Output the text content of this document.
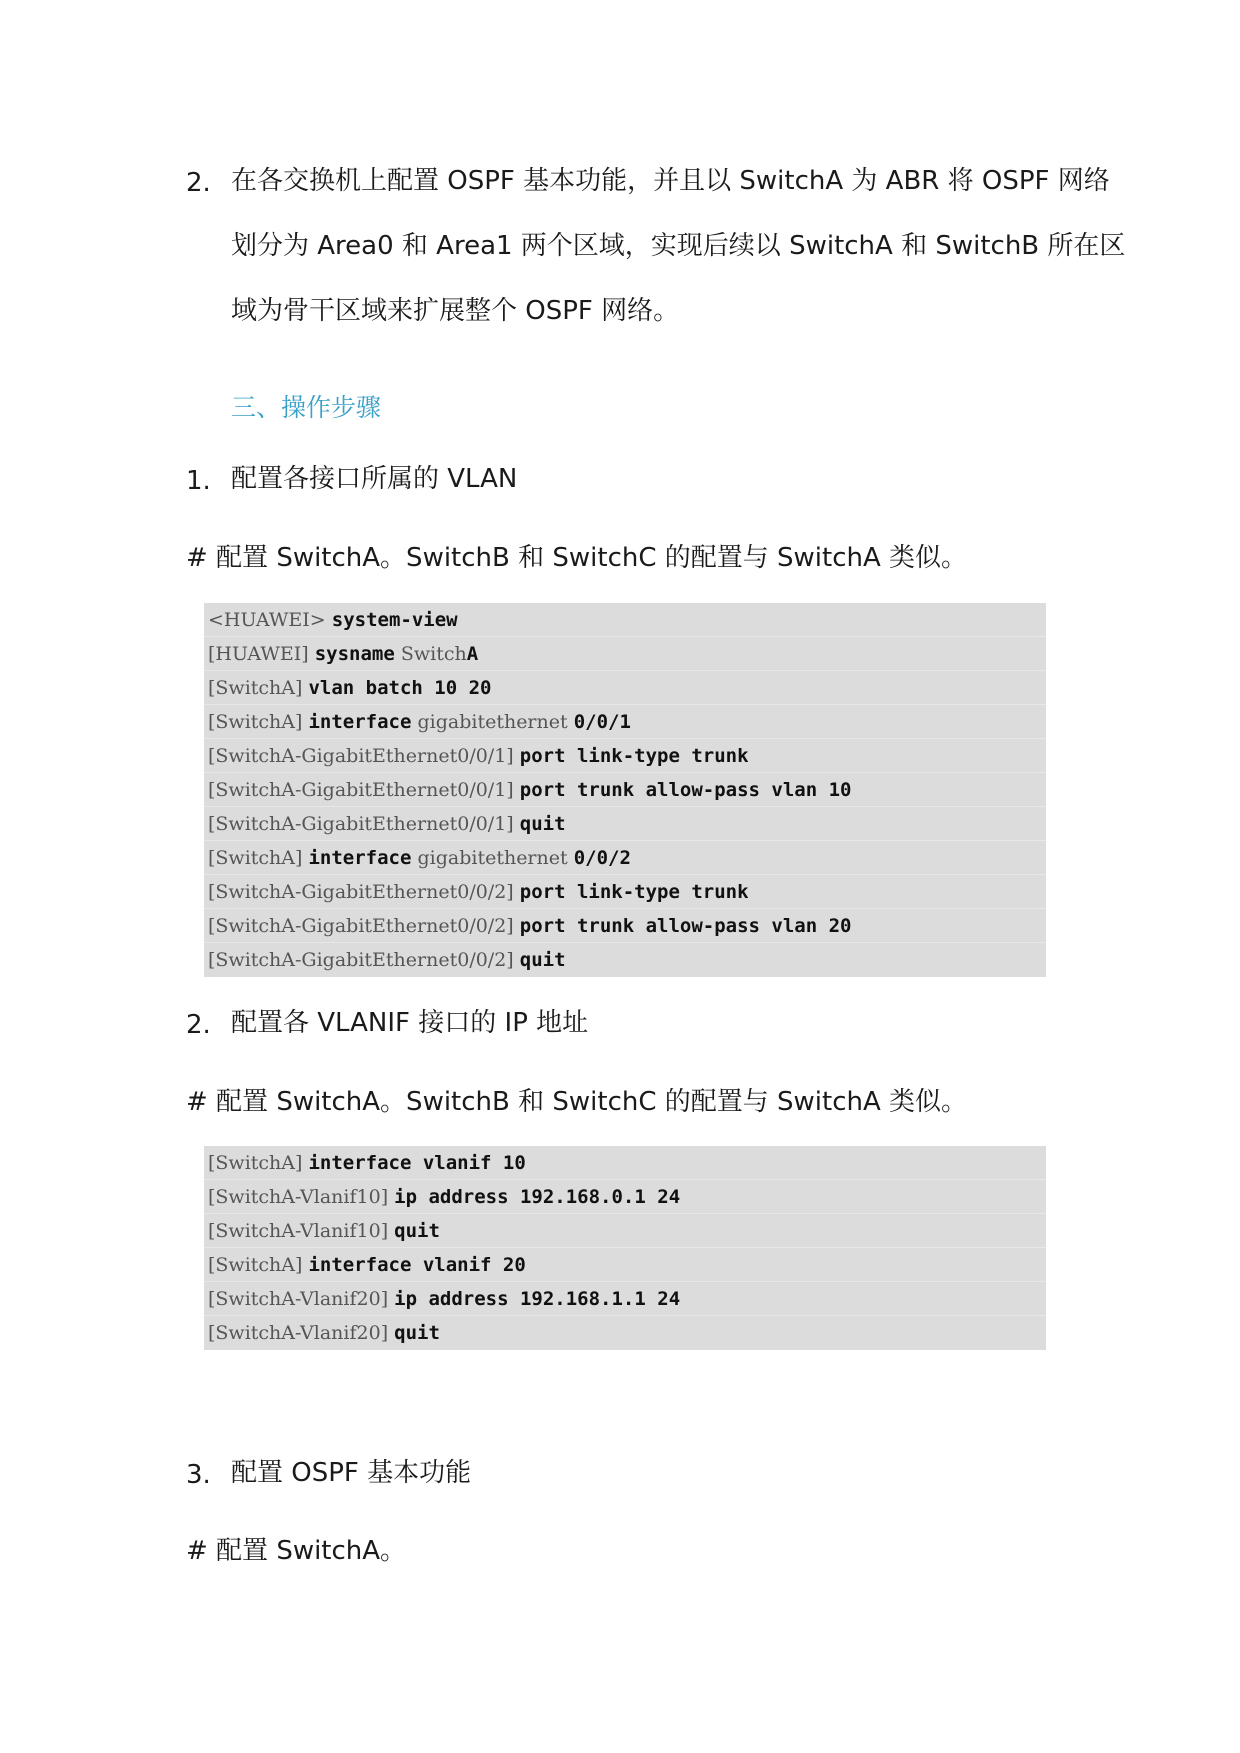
2. 在各交换机上配置 OSPF 基本功能，并且以 SwitchA 为 ABR 将 OSPF 网络
划分为 Area0 和 Area1 两个区域，实现后续以 SwitchA 和 SwitchB 所在区
域为骨干区域来扩展整个 OSPF 网络。
三、操作步骤
1. 配置各接口所属的 VLAN
# 配置 SwitchA。SwitchB 和 SwitchC 的配置与 SwitchA 类似。
<HUAWEI> system-view
[HUAWEI] sysname SwitchA
[SwitchA] vlan batch 10 20
[SwitchA] interface gigabitethernet 0/0/1
[SwitchA-GigabitEthernet0/0/1] port link-type trunk
[SwitchA-GigabitEthernet0/0/1] port trunk allow-pass vlan 10
[SwitchA-GigabitEthernet0/0/1] quit
[SwitchA] interface gigabitethernet 0/0/2
[SwitchA-GigabitEthernet0/0/2] port link-type trunk
[SwitchA-GigabitEthernet0/0/2] port trunk allow-pass vlan 20
[SwitchA-GigabitEthernet0/0/2] quit
2. 配置各 VLANIF 接口的 IP 地址
# 配置 SwitchA。SwitchB 和 SwitchC 的配置与 SwitchA 类似。
[SwitchA] interface vlanif 10
[SwitchA-Vlanif10] ip address 192.168.0.1 24
[SwitchA-Vlanif10] quit
[SwitchA] interface vlanif 20
[SwitchA-Vlanif20] ip address 192.168.1.1 24
[SwitchA-Vlanif20] quit
3. 配置 OSPF 基本功能
# 配置 SwitchA。
